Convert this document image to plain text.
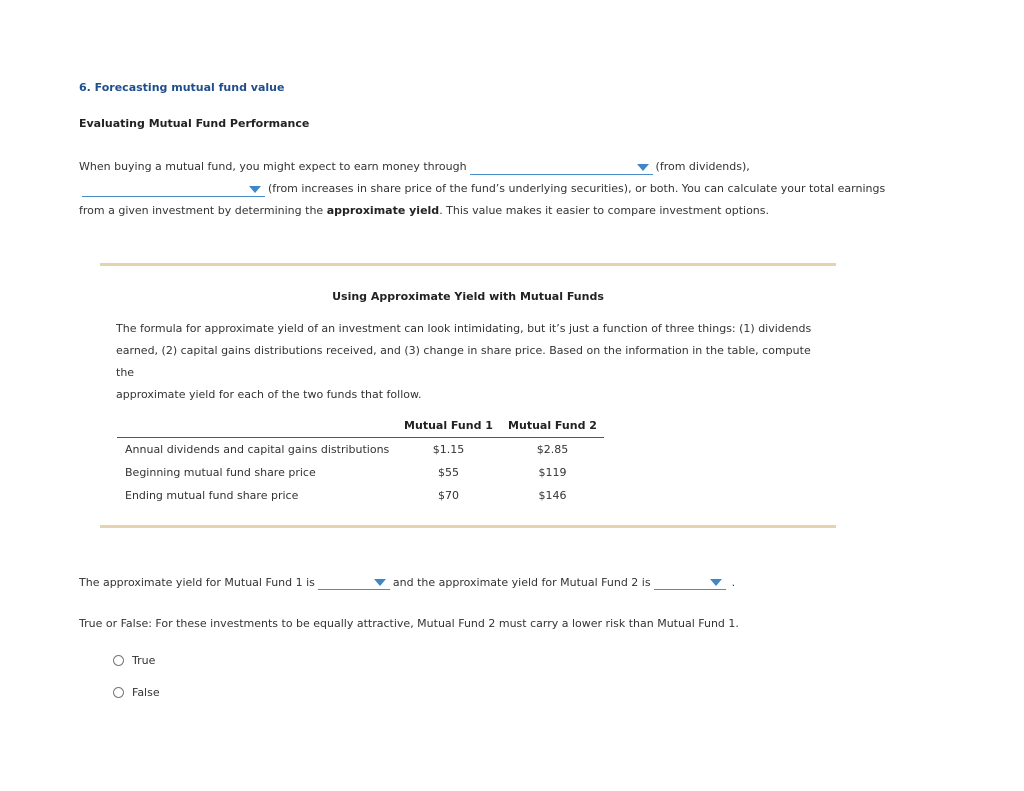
6. Forecasting mutual fund value
Evaluating Mutual Fund Performance
When buying a mutual fund, you might expect to earn money through	(from dividends),
(from increases in share price of the fund’s underlying securities), or both. You can calculate your total earnings
from a given investment by determining the
approximate yield . This value makes it easier to compare investment options.
Using Approximate Yield with Mutual Funds
The formula for approximate yield of an investment can look intimidating, but it’s just a function of three things: (1) dividends
earned, (2) capital gains distributions received, and (3) change in share price. Based on the information in the table, compute the
approximate yield for each of the two funds that follow.
	Mutual Fund 1	Mutual Fund 2
Annual dividends and capital gains distributions	$1.15	$2.85
Beginning mutual fund share price	$55	$119
Ending mutual fund share price	$70	$146
The approximate yield for Mutual Fund 1 is	and the approximate yield for Mutual Fund 2 is	.
True or False: For these investments to be equally attractive, Mutual Fund 2 must carry a lower risk than Mutual Fund 1.
True
False
